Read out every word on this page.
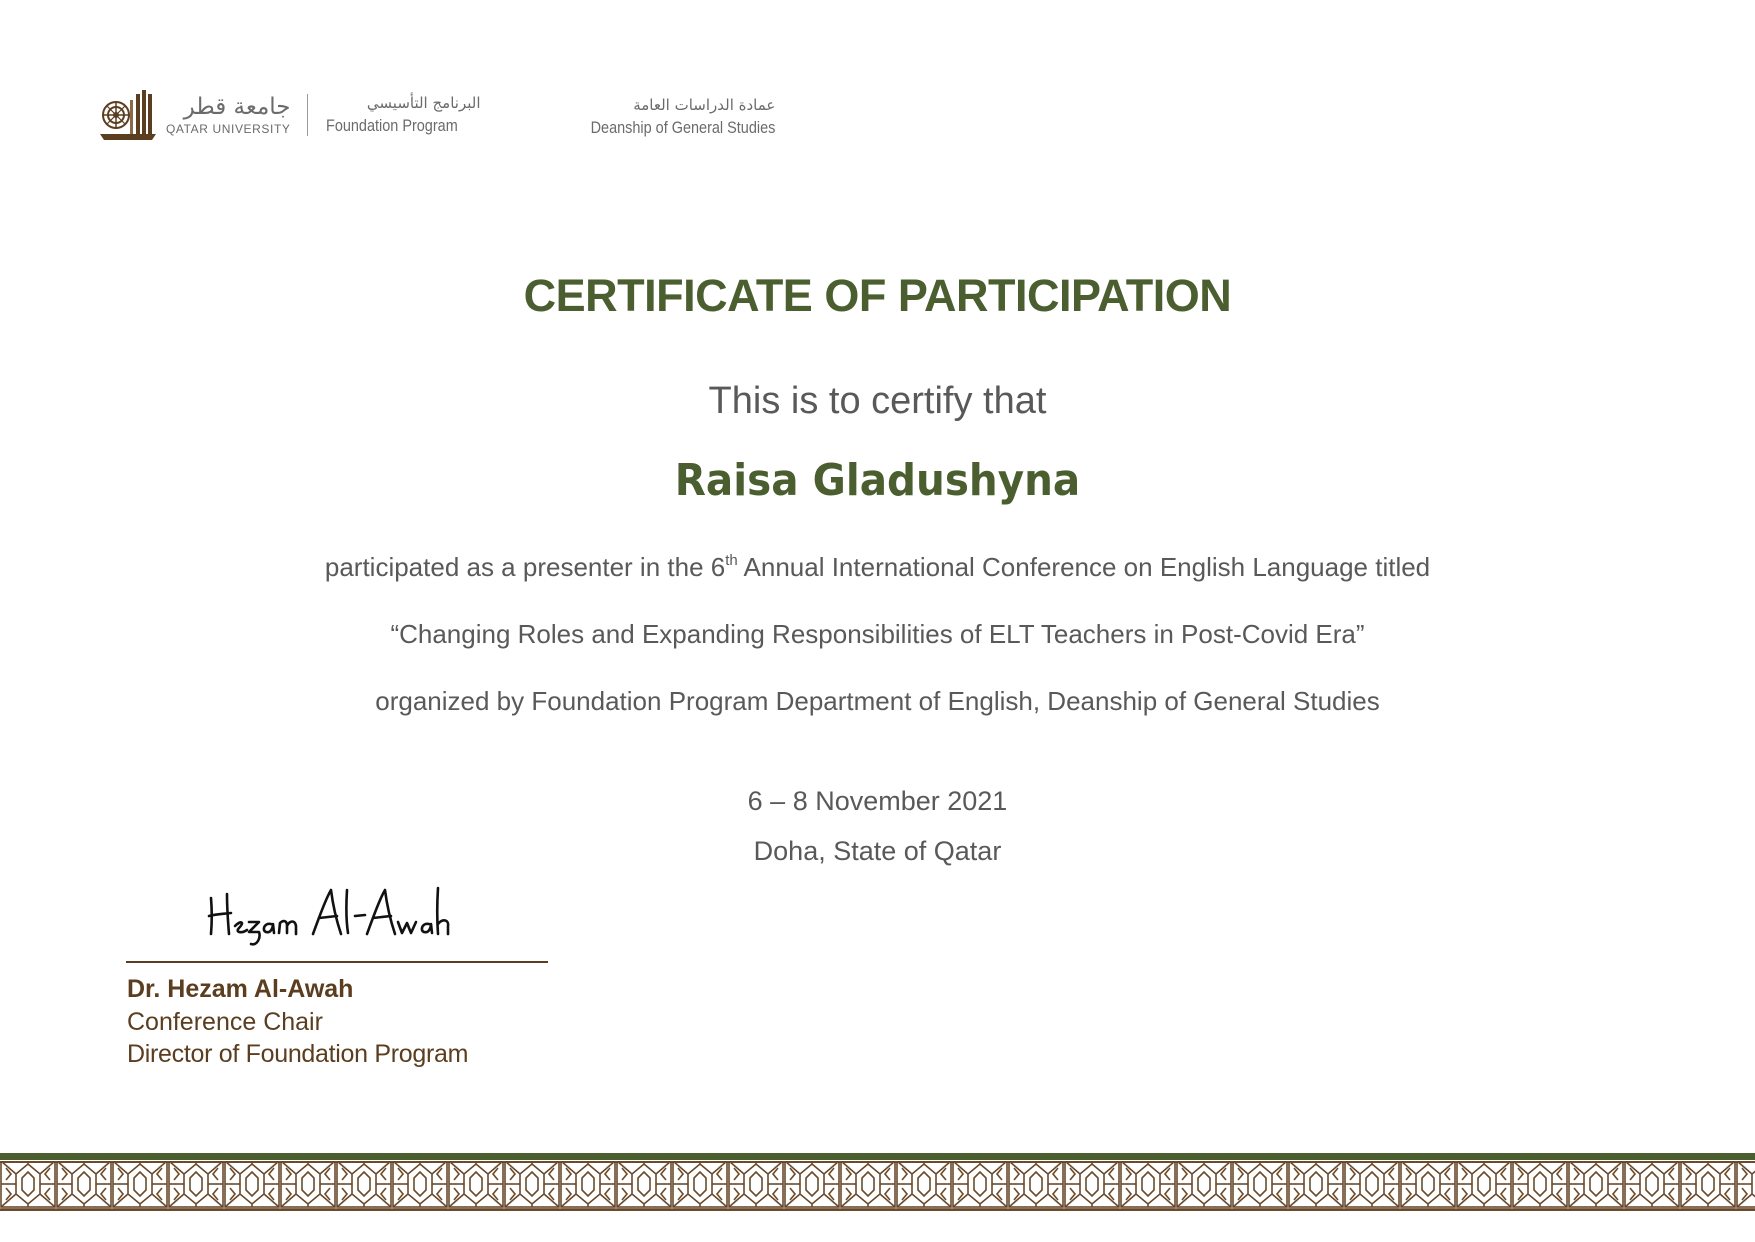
جامعة قطر
QATAR UNIVERSITY
البرنامج التأسيسي
Foundation Program
عمادة الدراسات العامة
Deanship of General Studies
CERTIFICATE OF PARTICIPATION
This is to certify that
Raisa Gladushyna
participated as a presenter in the 6th Annual International Conference on English Language titled
“Changing Roles and Expanding Responsibilities of ELT Teachers in Post-Covid Era”
organized by Foundation Program Department of English, Deanship of General Studies
6 – 8 November 2021
Doha, State of Qatar
Dr. Hezam Al-Awah
Conference Chair
Director of Foundation Program
